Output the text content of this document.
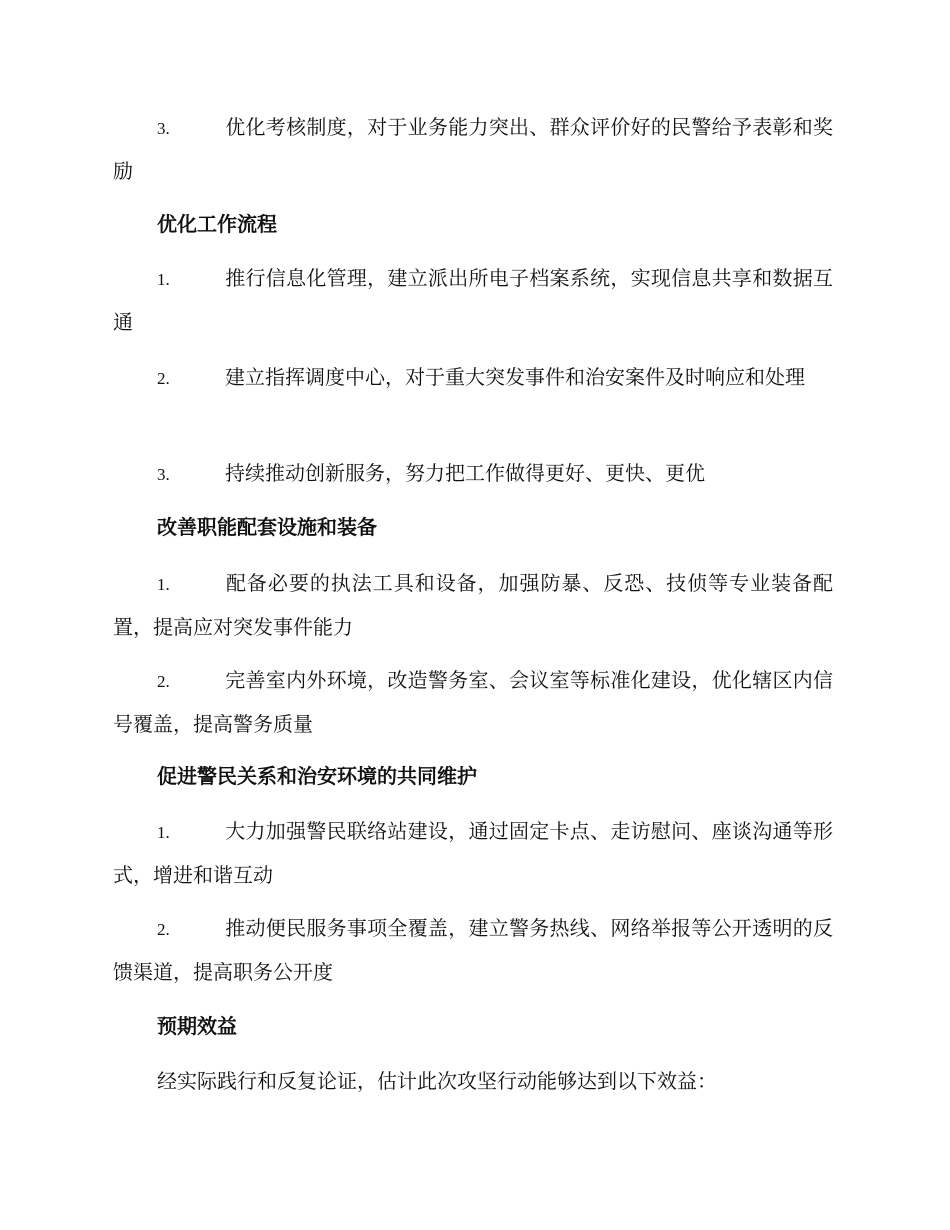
3.	优化考核制度，对于业务能力突出、群众评价好的民警给予表彰和奖励
优化工作流程
1.	推行信息化管理，建立派出所电子档案系统，实现信息共享和数据互通
2.	建立指挥调度中心，对于重大突发事件和治安案件及时响应和处理
3.	持续推动创新服务，努力把工作做得更好、更快、更优
改善职能配套设施和装备
1.	配备必要的执法工具和设备，加强防暴、反恐、技侦等专业装备配置，提高应对突发事件能力
2.	完善室内外环境，改造警务室、会议室等标准化建设，优化辖区内信号覆盖，提高警务质量
促进警民关系和治安环境的共同维护
1.	大力加强警民联络站建设，通过固定卡点、走访慰问、座谈沟通等形式，增进和谐互动
2.	推动便民服务事项全覆盖，建立警务热线、网络举报等公开透明的反馈渠道，提高职务公开度
预期效益
经实际践行和反复论证，估计此次攻坚行动能够达到以下效益：
